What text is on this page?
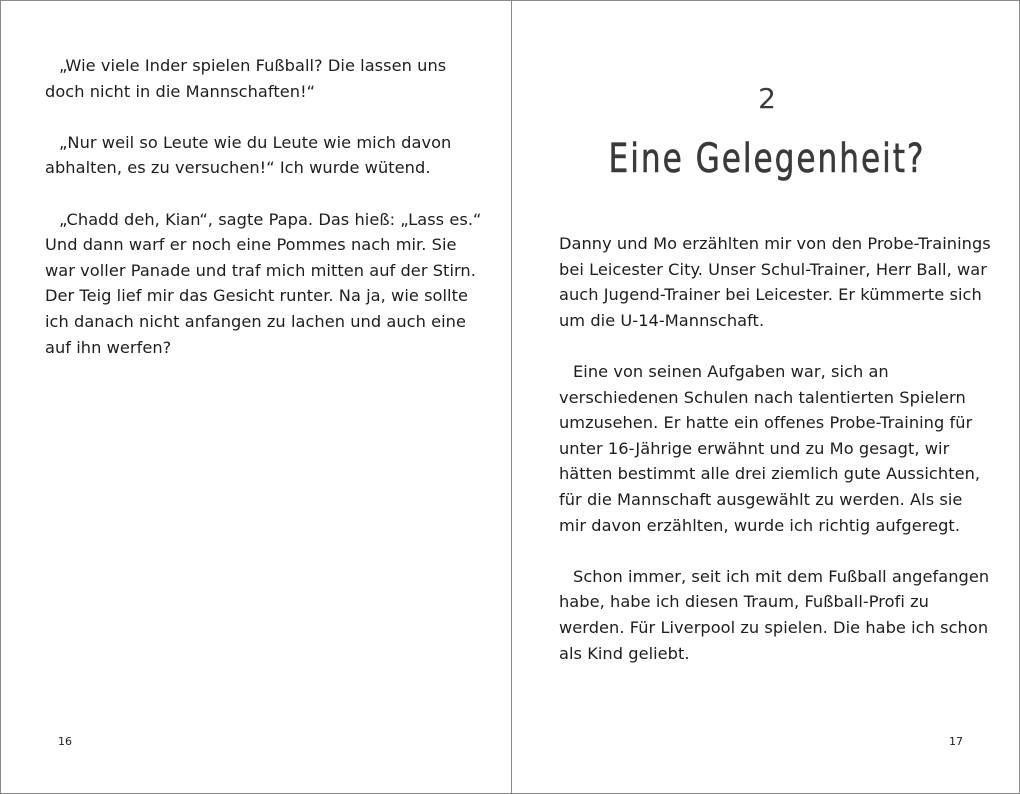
„Wie viele Inder spielen Fußball? Die lassen uns
doch nicht in die Mannschaften!“
„Nur weil so Leute wie du Leute wie mich davon
abhalten, es zu versuchen!“ Ich wurde wütend.
„Chadd deh, Kian“, sagte Papa. Das hieß: „Lass es.“
Und dann warf er noch eine Pommes nach mir. Sie
war voller Panade und traf mich mitten auf der Stirn.
Der Teig lief mir das Gesicht runter. Na ja, wie sollte
ich danach nicht anfangen zu lachen und auch eine
auf ihn werfen?
16
2
Eine Gelegenheit?
Danny und Mo erzählten mir von den Probe-Trainings
bei Leicester City. Unser Schul-Trainer, Herr Ball, war
auch Jugend-Trainer bei Leicester. Er kümmerte sich
um die U-14-Mannschaft.
Eine von seinen Aufgaben war, sich an
verschiedenen Schulen nach talentierten Spielern
umzusehen. Er hatte ein offenes Probe-Training für
unter 16-Jährige erwähnt und zu Mo gesagt, wir
hätten bestimmt alle drei ziemlich gute Aussichten,
für die Mannschaft ausgewählt zu werden. Als sie
mir davon erzählten, wurde ich richtig aufgeregt.
Schon immer, seit ich mit dem Fußball angefangen
habe, habe ich diesen Traum, Fußball-Profi zu
werden. Für Liverpool zu spielen. Die habe ich schon
als Kind geliebt.
17
